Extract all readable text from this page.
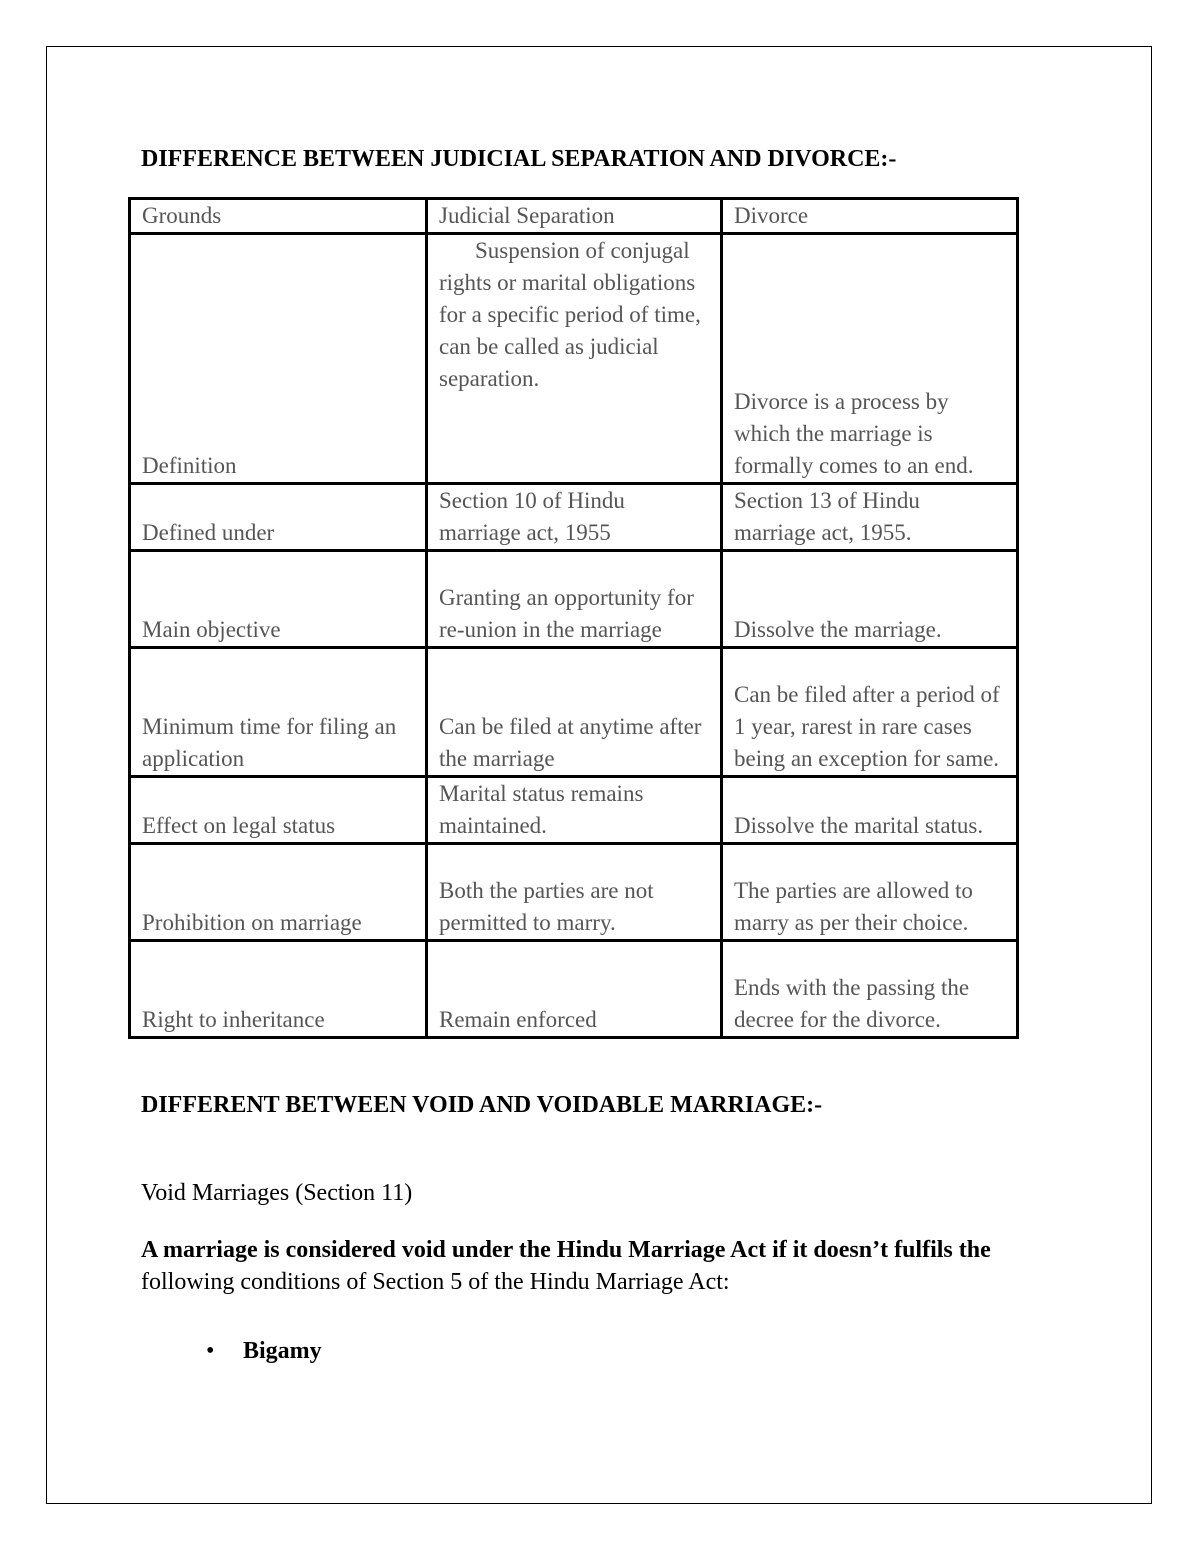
DIFFERENCE BETWEEN JUDICIAL SEPARATION AND DIVORCE:-
Grounds	Judicial Separation	Divorce
Definition	Suspension of conjugal rights or marital obligations for a specific period of time, can be called as judicial separation.	Divorce is a process by which the marriage is formally comes to an end.
Defined under	Section 10 of Hindu marriage act, 1955	Section 13 of Hindu marriage act, 1955.
Main objective	Granting an opportunity for re-union in the marriage	Dissolve the marriage.
Minimum time for filing an application	Can be filed at anytime after the marriage	Can be filed after a period of 1 year, rarest in rare cases being an exception for same.
Effect on legal status	Marital status remains maintained.	Dissolve the marital status.
Prohibition on marriage	Both the parties are not permitted to marry.	The parties are allowed to marry as per their choice.
Right to inheritance	Remain enforced	Ends with the passing the decree for the divorce.
DIFFERENT BETWEEN VOID AND VOIDABLE MARRIAGE:-

Void Marriages (Section 11)

A marriage is considered void under the Hindu Marriage Act if it doesn’t fulfils the
following conditions of Section 5 of the Hindu Marriage Act:

• Bigamy
